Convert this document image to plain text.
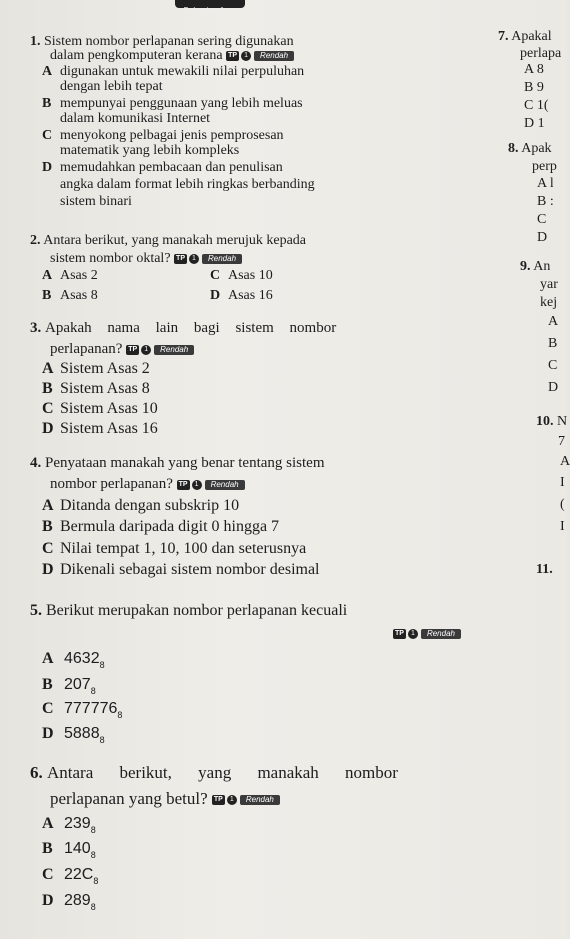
Bahagian A
1. Sistem nombor perlapanan sering digunakan
dalam pengkomputeran kerana TP 1 Rendah
A digunakan untuk mewakili nilai perpuluhan
dengan lebih tepat
B mempunyai penggunaan yang lebih meluas
dalam komunikasi Internet
C menyokong pelbagai jenis pemprosesan
matematik yang lebih kompleks
D memudahkan pembacaan dan penulisan
angka dalam format lebih ringkas berbanding
sistem binari
2. Antara berikut, yang manakah merujuk kepada
sistem nombor oktal? TP 1 Rendah
A Asas 2	C Asas 10
B Asas 8	D Asas 16
3. Apakah nama lain bagi sistem nombor
perlapanan? TP 1 Rendah
A Sistem Asas 2
B Sistem Asas 8
C Sistem Asas 10
D Sistem Asas 16
4. Penyataan manakah yang benar tentang sistem
nombor perlapanan? TP 1 Rendah
A Ditanda dengan subskrip 10
B Bermula daripada digit 0 hingga 7
C Nilai tempat 1, 10, 100 dan seterusnya
D Dikenali sebagai sistem nombor desimal
5. Berikut merupakan nombor perlapanan kecuali
TP 1 Rendah
A $4632_8$
B $207_8$
C $777776_8$
D $5888_8$
6. Antara berikut, yang manakah nombor
perlapanan yang betul? TP 1 Rendah
A $239_8$
B $140_8$
C $22C_8$
D $289_8$
7. Apakal
perlapa
A 8
B 9
C 1(
D 1
8. Apak
perp
A l
B :
C
D
9. An
yar
kej
A
B
C
D
10. N
7
A
I
(
I
11.
